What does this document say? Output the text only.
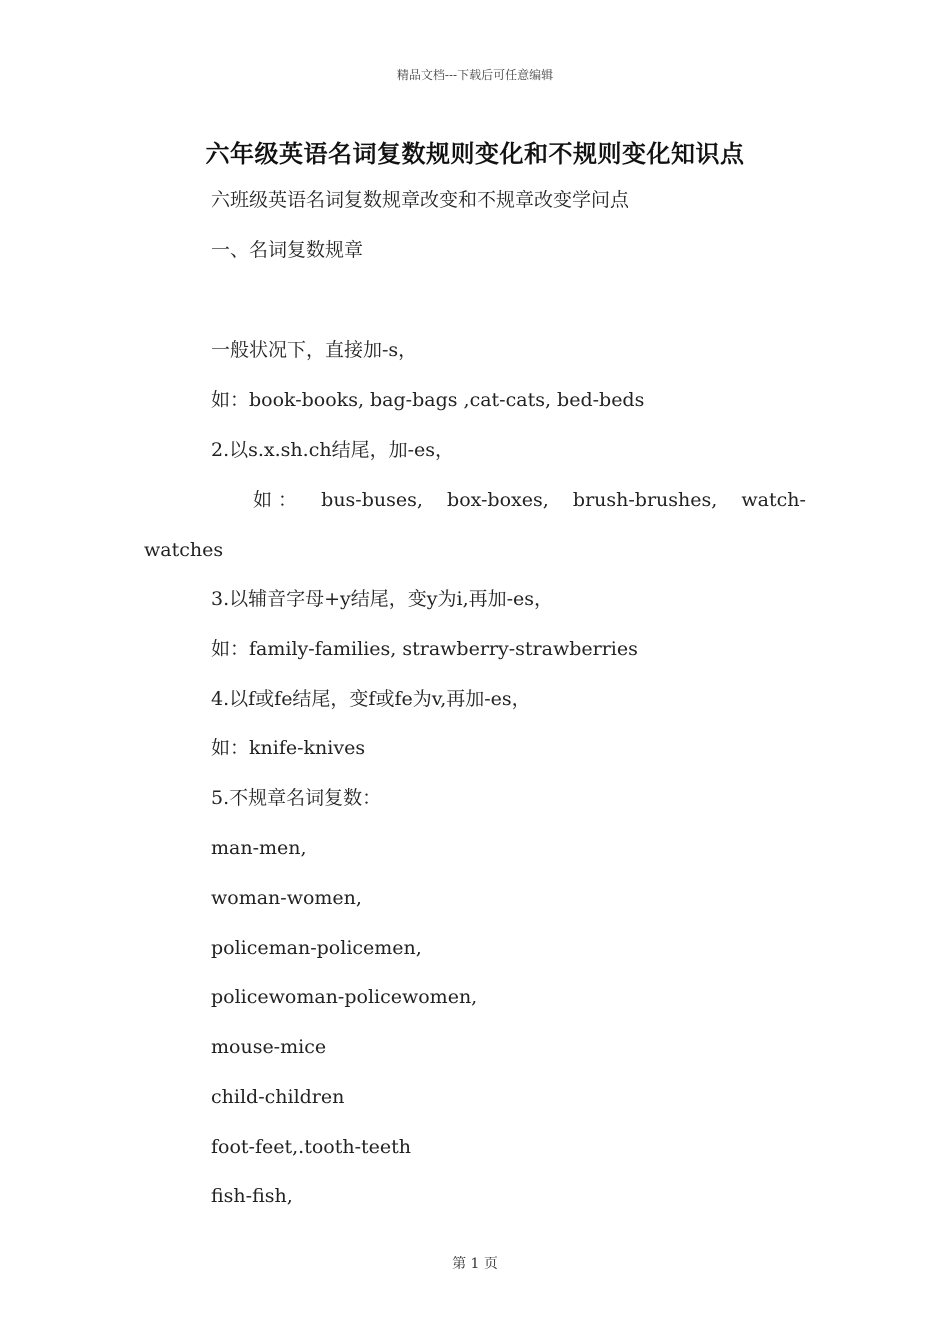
精品文档---下载后可任意编辑
六年级英语名词复数规则变化和不规则变化知识点
六班级英语名词复数规章改变和不规章改变学问点
一、名词复数规章
一般状况下，直接加-s，
如：book-books, bag-bags ,cat-cats, bed-beds
2.以s.x.sh.ch结尾，加-es，
如 ： bus-buses, box-boxes, brush-brushes, watch-
watches
3.以辅音字母+y结尾，变y为i,再加-es，
如：family-families, strawberry-strawberries
4.以f或fe结尾，变f或fe为v,再加-es，
如：knife-knives
5.不规章名词复数：
man-men,
woman-women,
policeman-policemen,
policewoman-policewomen,
mouse-mice
child-children
foot-feet,.tooth-teeth
fish-fish,
第 1 页
